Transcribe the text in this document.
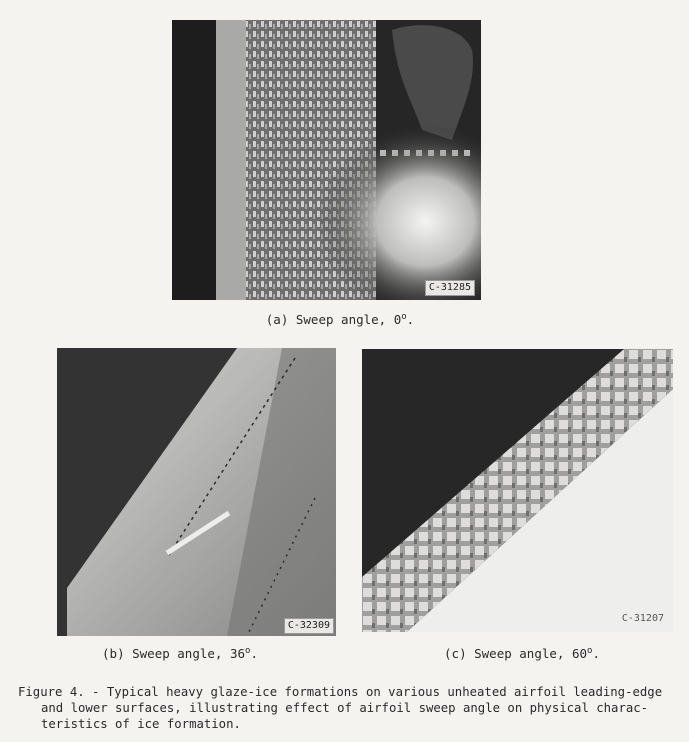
C-31285
(a) Sweep angle, 0$^o$.
C-32309
(b) Sweep angle, 36$^o$.
C-31207
(c) Sweep angle, 60$^o$.

Figure 4. - Typical heavy glaze-ice formations on various unheated airfoil leading-edge
and lower surfaces, illustrating effect of airfoil sweep angle on physical charac-
teristics of ice formation.
